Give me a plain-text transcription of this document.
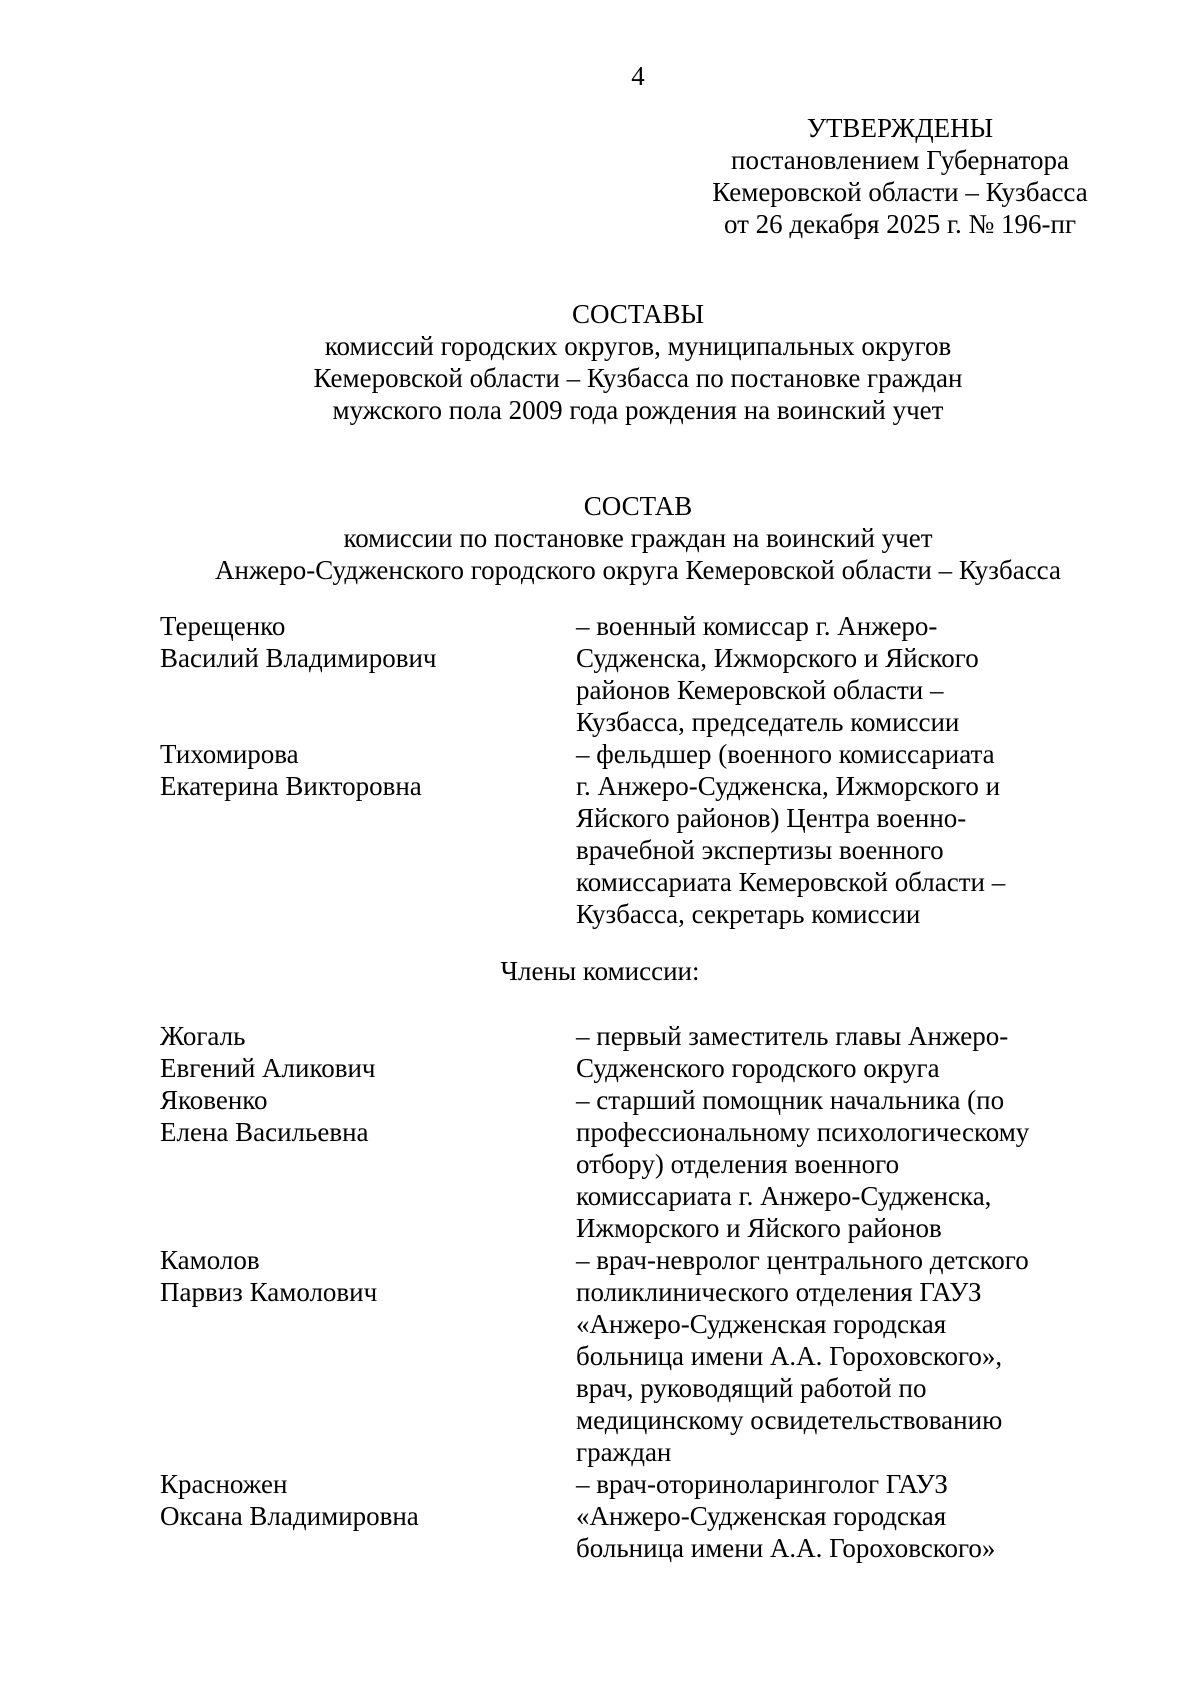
4
УТВЕРЖДЕНЫ
постановлением Губернатора
Кемеровской области – Кузбасса
от 26 декабря 2025 г. № 196-пг
СОСТАВЫ
комиссий городских округов, муниципальных округов
Кемеровской области – Кузбасса по постановке граждан
мужского пола 2009 года рождения на воинский учет
СОСТАВ
комиссии по постановке граждан на воинский учет
Анжеро-Судженского городского округа Кемеровской области – Кузбасса
Терещенко
Василий Владимирович
– военный комиссар г. Анжеро-
Судженска, Ижморского и Яйского
районов Кемеровской области –
Кузбасса, председатель комиссии
Тихомирова
Екатерина Викторовна
– фельдшер (военного комиссариата
г. Анжеро-Судженска, Ижморского и
Яйского районов) Центра военно-
врачебной экспертизы военного
комиссариата Кемеровской области –
Кузбасса, секретарь комиссии
Члены комиссии:
Жогаль
Евгений Аликович
– первый заместитель главы Анжеро-
Судженского городского округа
Яковенко
Елена Васильевна
– старший помощник начальника (по
профессиональному психологическому
отбору) отделения военного
комиссариата г. Анжеро-Судженска,
Ижморского и Яйского районов
Камолов
Парвиз Камолович
– врач-невролог центрального детского
поликлинического отделения ГАУЗ
«Анжеро-Судженская городская
больница имени А.А. Гороховского»,
врач, руководящий работой по
медицинскому освидетельствованию
граждан
Красножен
Оксана Владимировна
– врач-оториноларинголог ГАУЗ
«Анжеро-Судженская городская
больница имени А.А. Гороховского»
